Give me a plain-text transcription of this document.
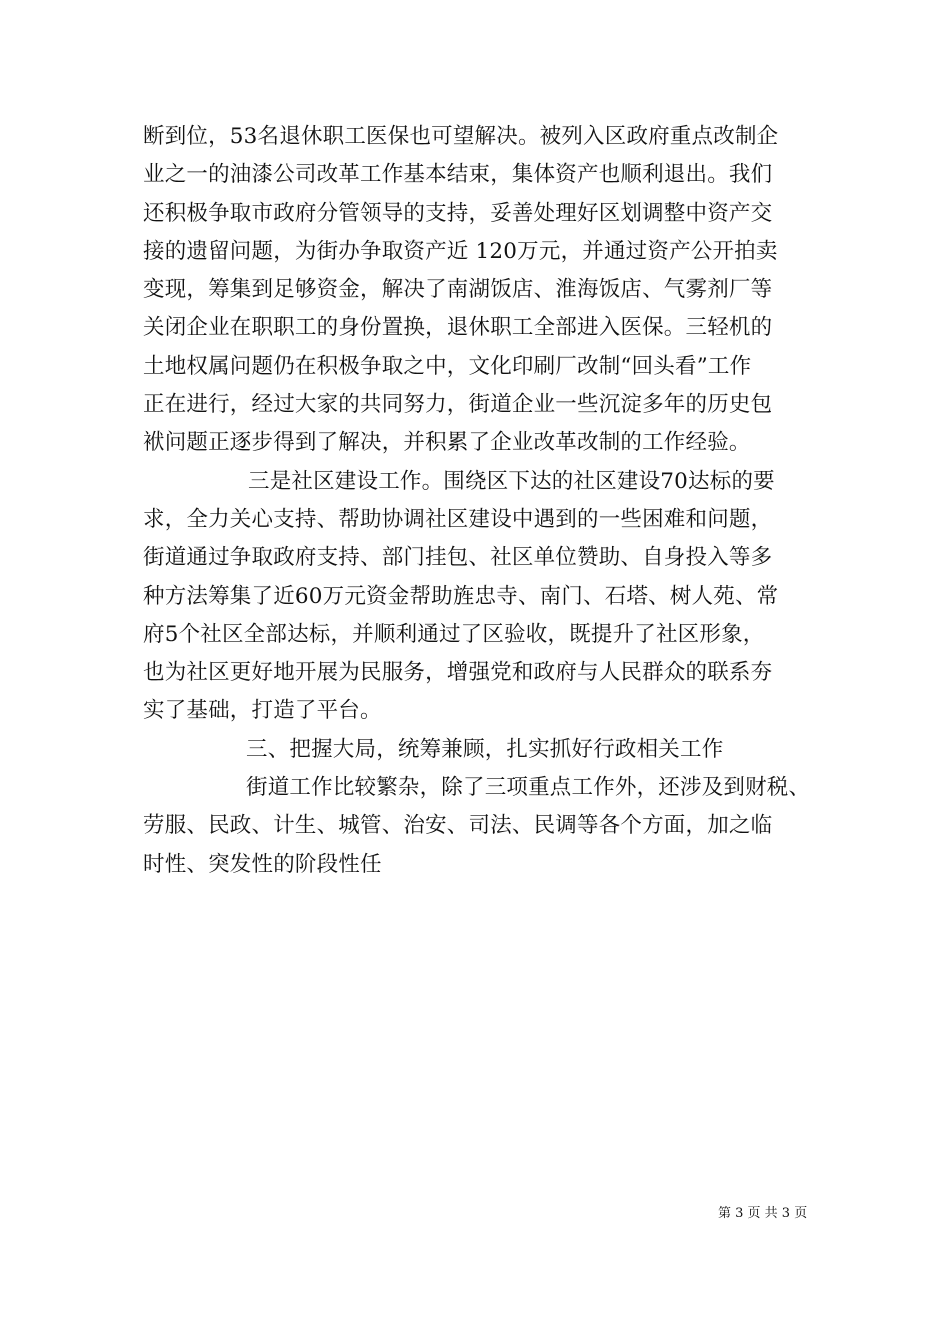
断到位，53名退休职工医保也可望解决。被列入区政府重点改制企
业之一的油漆公司改革工作基本结束，集体资产也顺利退出。我们
还积极争取市政府分管领导的支持，妥善处理好区划调整中资产交
接的遗留问题，为街办争取资产近 120万元，并通过资产公开拍卖
变现，筹集到足够资金，解决了南湖饭店、淮海饭店、气雾剂厂等
关闭企业在职职工的身份置换，退休职工全部进入医保。三轻机的
土地权属问题仍在积极争取之中，文化印刷厂改制“回头看”工作
正在进行，经过大家的共同努力，街道企业一些沉淀多年的历史包
袱问题正逐步得到了解决，并积累了企业改革改制的工作经验。
三是社区建设工作。围绕区下达的社区建设70达标的要
求，全力关心支持、帮助协调社区建设中遇到的一些困难和问题，
街道通过争取政府支持、部门挂包、社区单位赞助、自身投入等多
种方法筹集了近60万元资金帮助旌忠寺、南门、石塔、树人苑、常
府5个社区全部达标，并顺利通过了区验收，既提升了社区形象，
也为社区更好地开展为民服务，增强党和政府与人民群众的联系夯
实了基础，打造了平台。
三、把握大局，统筹兼顾，扎实抓好行政相关工作
街道工作比较繁杂，除了三项重点工作外，还涉及到财税、
劳服、民政、计生、城管、治安、司法、民调等各个方面，加之临
时性、突发性的阶段性任
第 3 页 共 3 页
